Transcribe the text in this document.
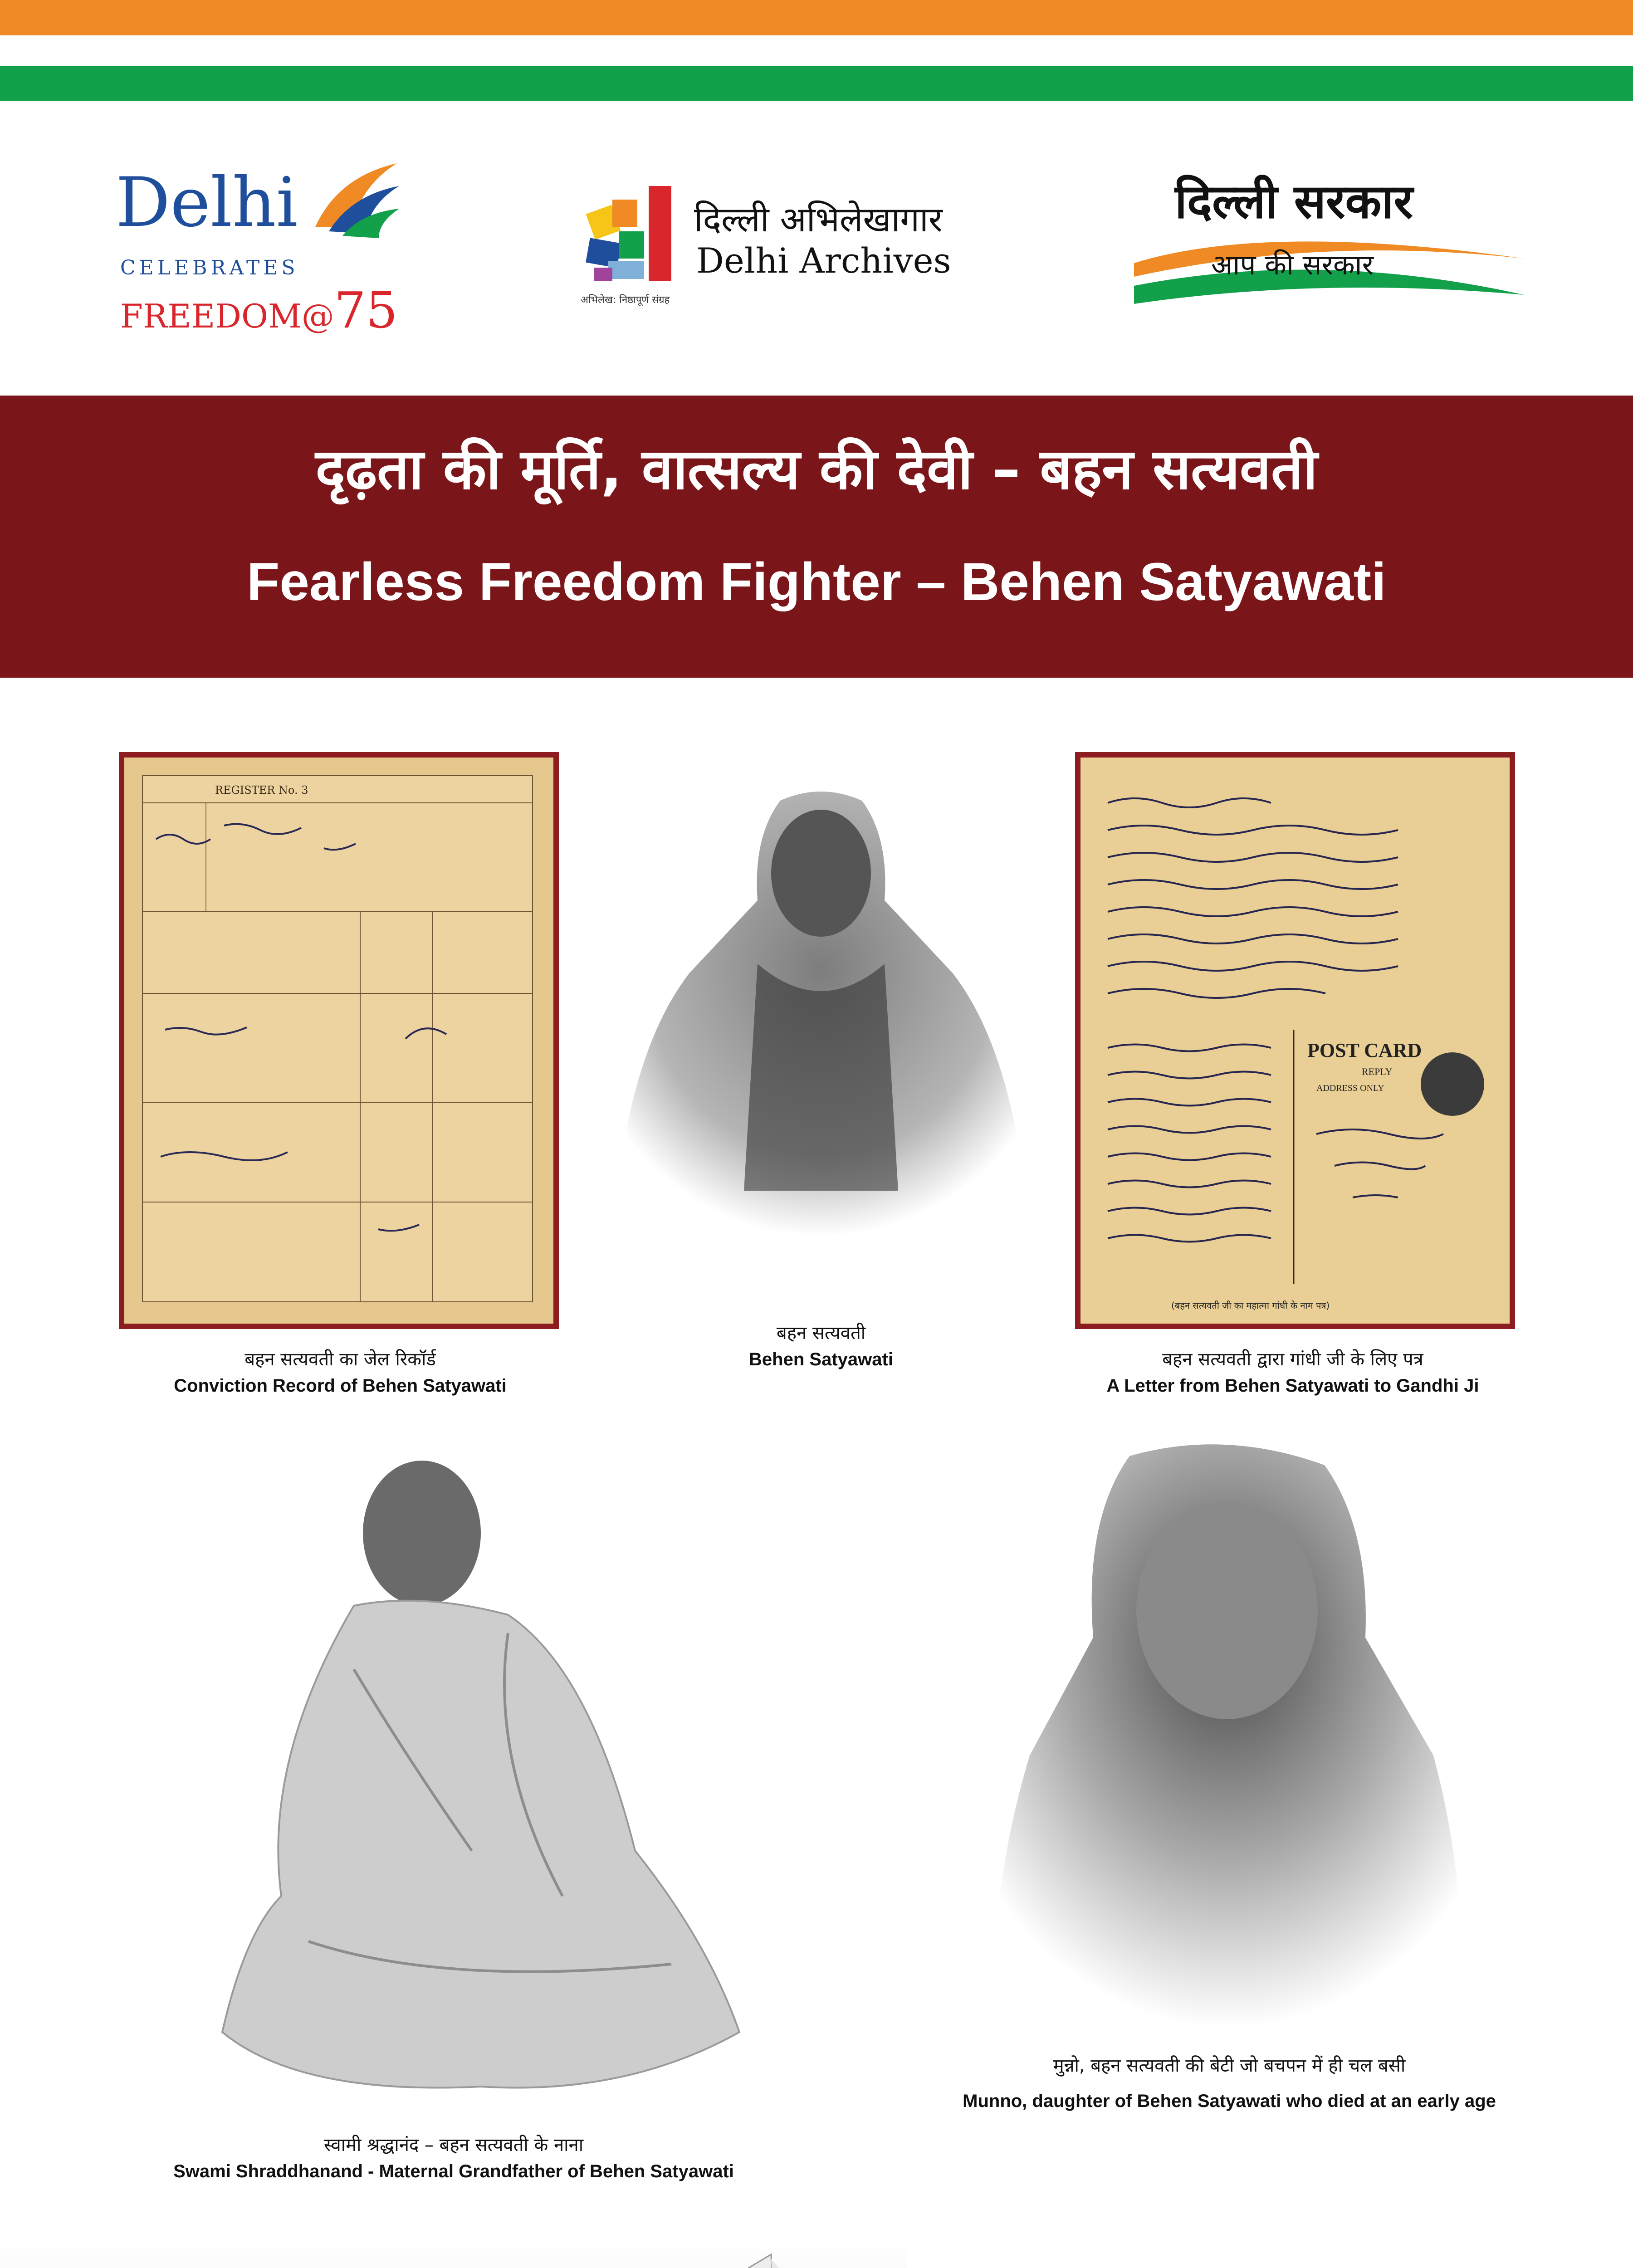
Delhi
CELEBRATES
FREEDOM@75
दिल्ली अभिलेखागार
Delhi Archives
अभिलेख: निष्ठापूर्ण संग्रह
दिल्ली सरकार
आप की सरकार
दृढ़ता की मूर्ति, वात्सल्य की देवी – बहन सत्यवती
Fearless Freedom Fighter – Behen Satyawati
REGISTER No. 3
बहन सत्यवती का जेल रिकॉर्ड
Conviction Record of Behen Satyawati
बहन सत्यवती
Behen Satyawati
POST CARD
REPLY
ADDRESS ONLY
(बहन सत्यवती जी का महात्मा गांधी के नाम पत्र)
बहन सत्यवती द्वारा गांधी जी के लिए पत्र
A Letter from Behen Satyawati to Gandhi Ji
स्वामी श्रद्धानंद – बहन सत्यवती के नाना
Swami Shraddhanand - Maternal Grandfather of Behen Satyawati
मुन्नो, बहन सत्यवती की बेटी जो बचपन में ही चल बसी
Munno, daughter of Behen Satyawati who died at an early age
